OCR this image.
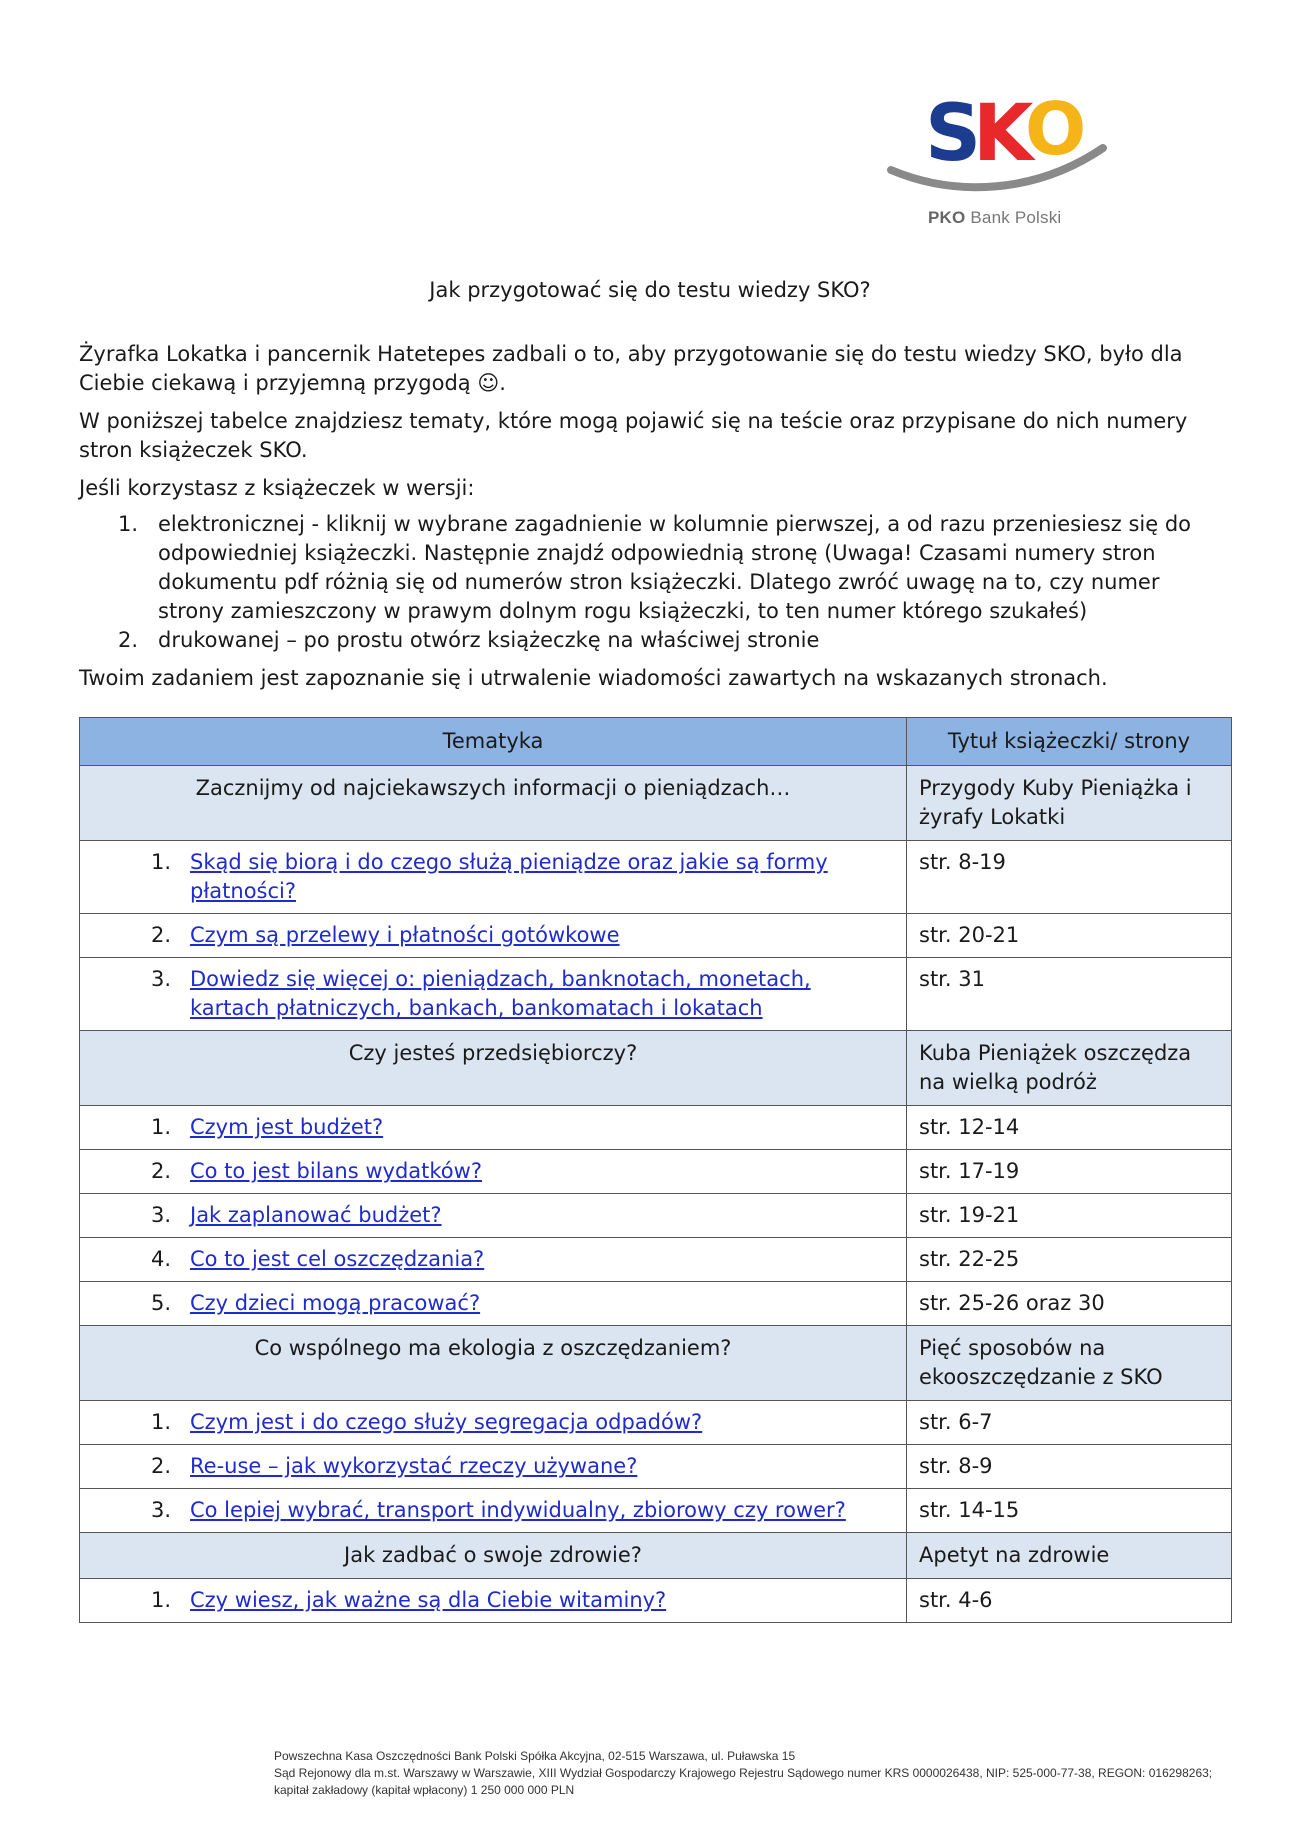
S
K
O
PKO Bank Polski
Jak przygotować się do testu wiedzy SKO?
Żyrafka Lokatka i pancernik Hatetepes zadbali o to, aby przygotowanie się do testu wiedzy SKO, było dla Ciebie ciekawą i przyjemną przygodą ☺.
W poniższej tabelce znajdziesz tematy, które mogą pojawić się na teście oraz przypisane do nich numery stron książeczek SKO.
Jeśli korzystasz z książeczek w wersji:
1. elektronicznej - kliknij w wybrane zagadnienie w kolumnie pierwszej, a od razu przeniesiesz się do odpowiedniej książeczki. Następnie znajdź odpowiednią stronę (Uwaga! Czasami numery stron dokumentu pdf różnią się od numerów stron książeczki. Dlatego zwróć uwagę na to, czy numer strony zamieszczony w prawym dolnym rogu książeczki, to ten numer którego szukałeś)
2. drukowanej – po prostu otwórz książeczkę na właściwej stronie
Twoim zadaniem jest zapoznanie się i utrwalenie wiadomości zawartych na wskazanych stronach.
Tematyka	Tytuł książeczki/ strony
Zacznijmy od najciekawszych informacji o pieniądzach…	Przygody Kuby Pieniążka i żyrafy Lokatki
1. Skąd się biorą i do czego służą pieniądze oraz jakie są formy płatności?	str. 8-19
2. Czym są przelewy i płatności gotówkowe	str. 20-21
3. Dowiedz się więcej o: pieniądzach, banknotach, monetach, kartach płatniczych, bankach, bankomatach i lokatach	str. 31
Czy jesteś przedsiębiorczy?	Kuba Pieniążek oszczędza na wielką podróż
1. Czym jest budżet?	str. 12-14
2. Co to jest bilans wydatków?	str. 17-19
3. Jak zaplanować budżet?	str. 19-21
4. Co to jest cel oszczędzania?	str. 22-25
5. Czy dzieci mogą pracować?	str. 25-26 oraz 30
Co wspólnego ma ekologia z oszczędzaniem?	Pięć sposobów na ekooszczędzanie z SKO
1. Czym jest i do czego służy segregacja odpadów?	str. 6-7
2. Re-use – jak wykorzystać rzeczy używane?	str. 8-9
3. Co lepiej wybrać, transport indywidualny, zbiorowy czy rower?	str. 14-15
Jak zadbać o swoje zdrowie?	Apetyt na zdrowie
1. Czy wiesz, jak ważne są dla Ciebie witaminy?	str. 4-6
Powszechna Kasa Oszczędności Bank Polski Spółka Akcyjna, 02-515 Warszawa, ul. Puławska 15
Sąd Rejonowy dla m.st. Warszawy w Warszawie, XIII Wydział Gospodarczy Krajowego Rejestru Sądowego numer KRS 0000026438, NIP: 525-000-77-38, REGON: 016298263; kapitał zakładowy (kapitał wpłacony) 1 250 000 000 PLN
